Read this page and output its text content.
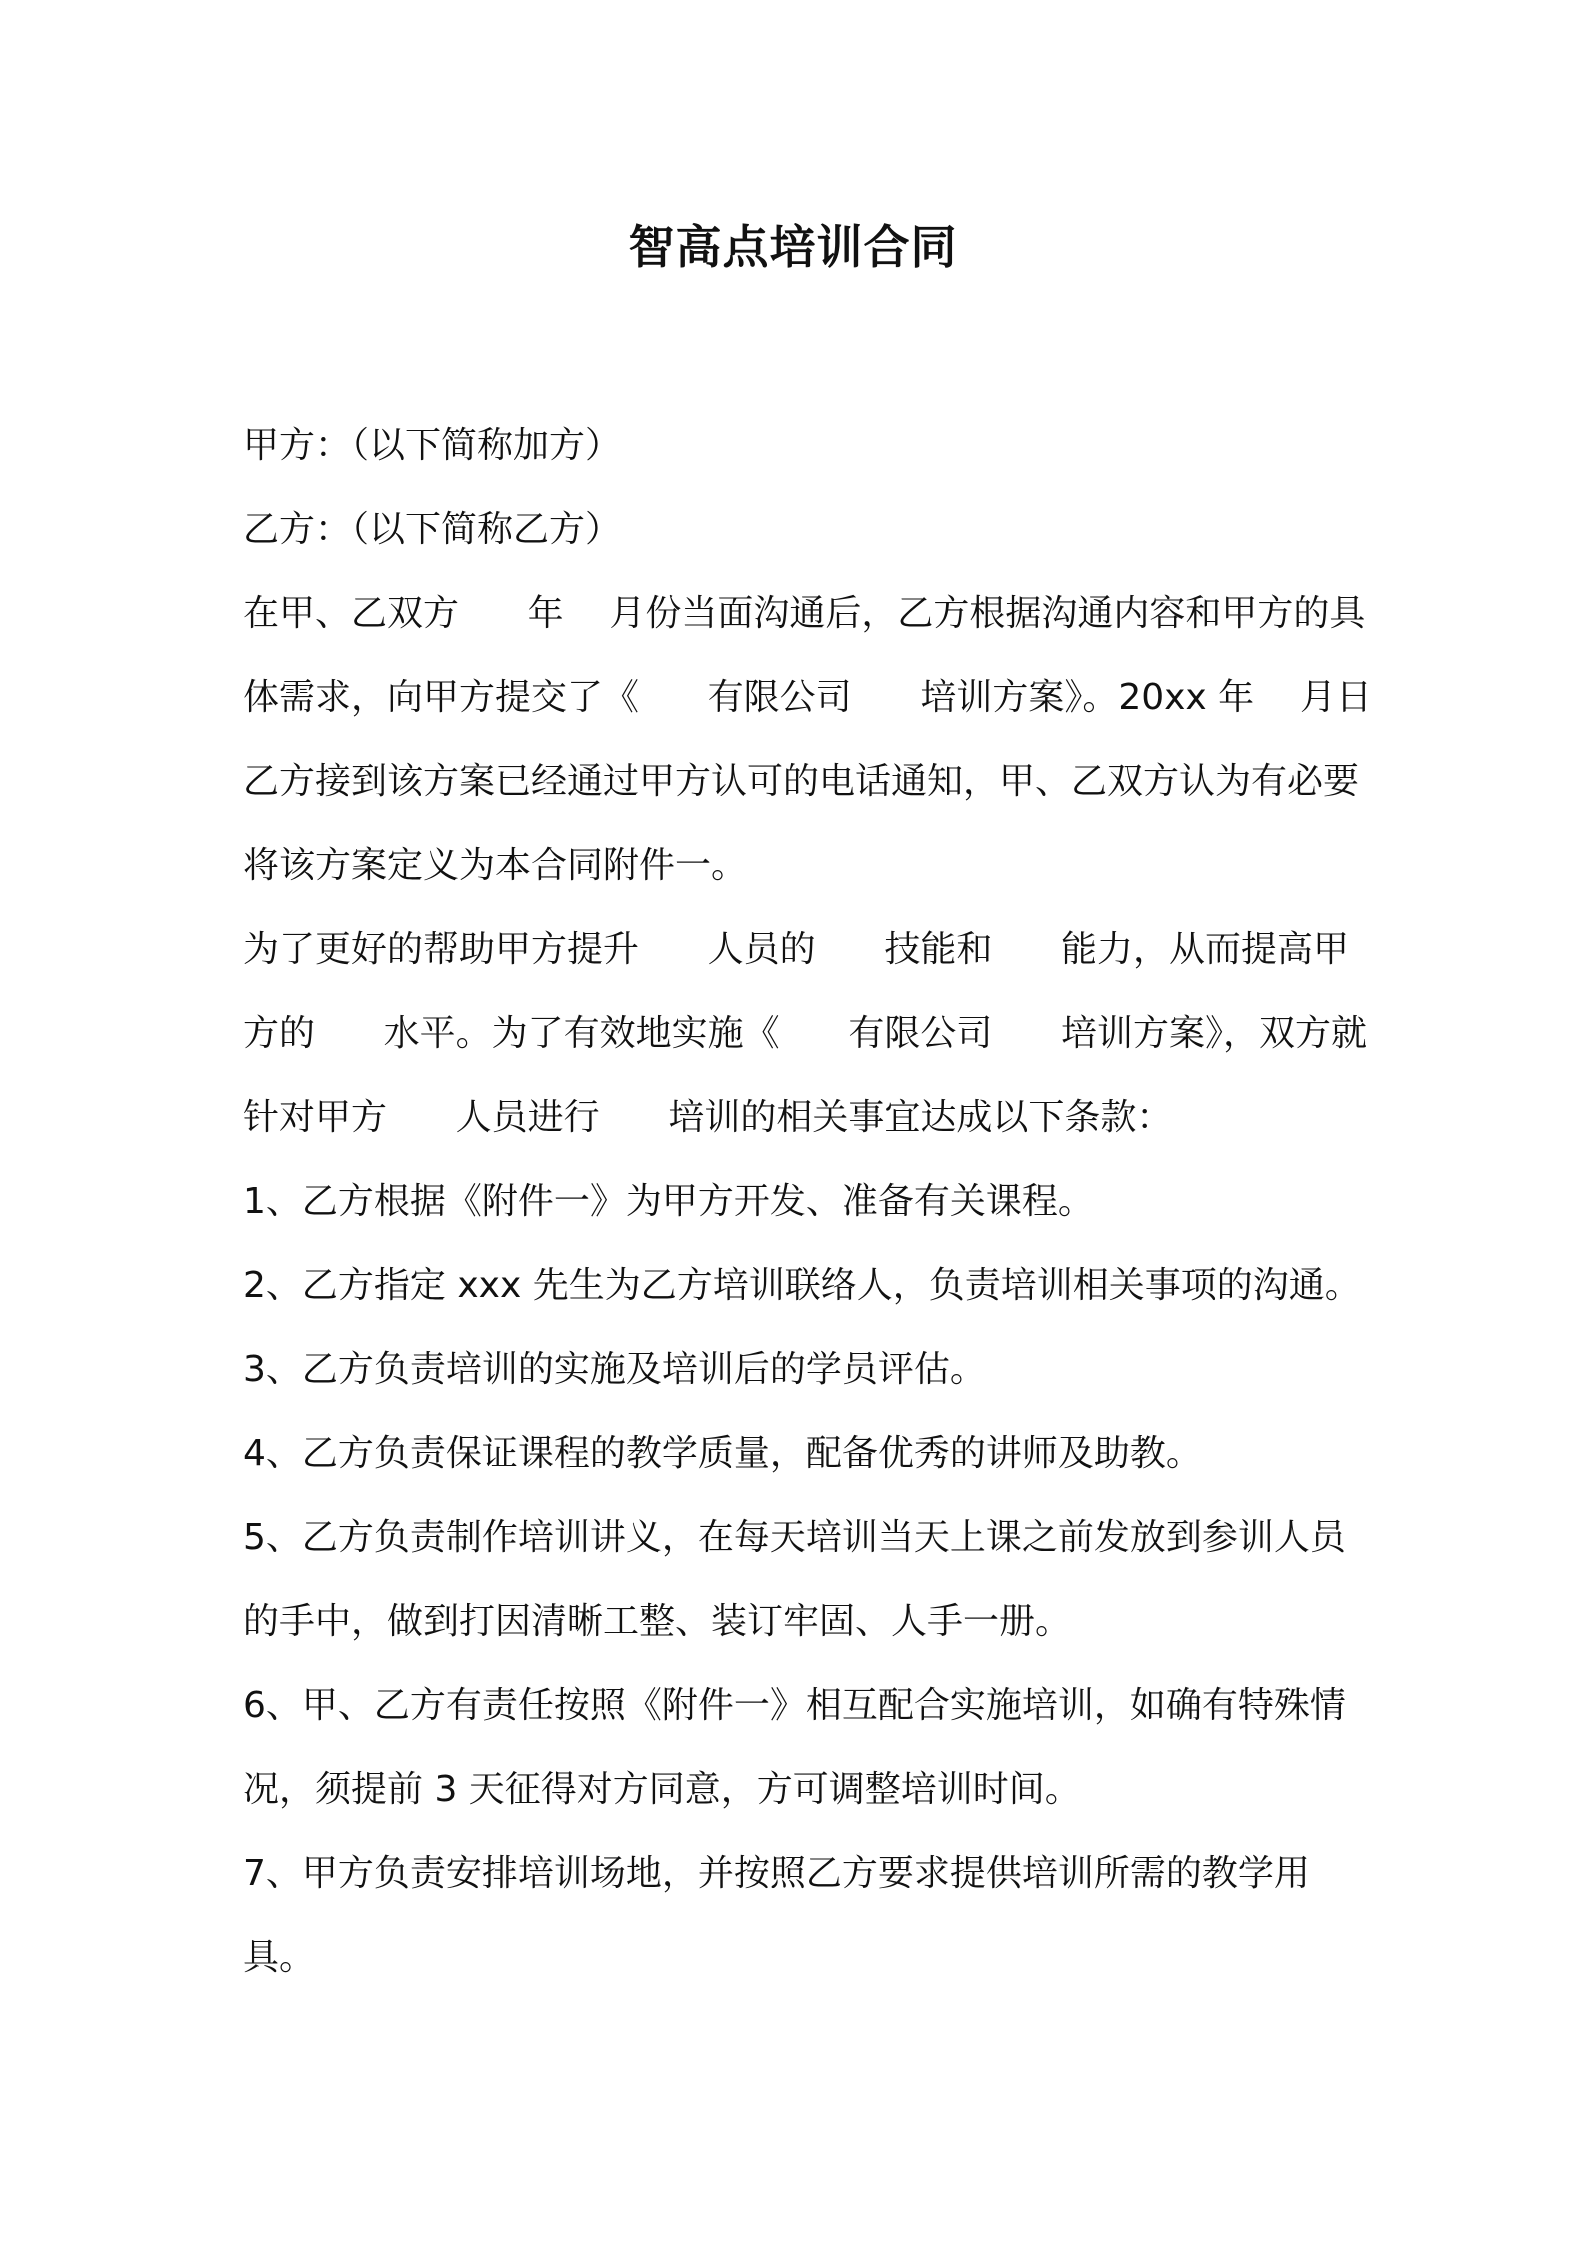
智高点培训合同

甲方：（以下简称加方）

乙方：（以下简称乙方）

在甲、乙双方      年    月份当面沟通后，乙方根据沟通内容和甲方的具体需求，向甲方提交了《      有限公司      培训方案》。20xx 年    月日乙方接到该方案已经通过甲方认可的电话通知，甲、乙双方认为有必要将该方案定义为本合同附件一。

为了更好的帮助甲方提升      人员的      技能和      能力，从而提高甲方的      水平。为了有效地实施《      有限公司      培训方案》，双方就针对甲方      人员进行      培训的相关事宜达成以下条款：

1、乙方根据《附件一》为甲方开发、准备有关课程。

2、乙方指定 xxx 先生为乙方培训联络人，负责培训相关事项的沟通。

3、乙方负责培训的实施及培训后的学员评估。

4、乙方负责保证课程的教学质量，配备优秀的讲师及助教。

5、乙方负责制作培训讲义，在每天培训当天上课之前发放到参训人员的手中，做到打因清晰工整、装订牢固、人手一册。

6、甲、乙方有责任按照《附件一》相互配合实施培训，如确有特殊情况，须提前 3 天征得对方同意，方可调整培训时间。

7、甲方负责安排培训场地，并按照乙方要求提供培训所需的教学用具。
